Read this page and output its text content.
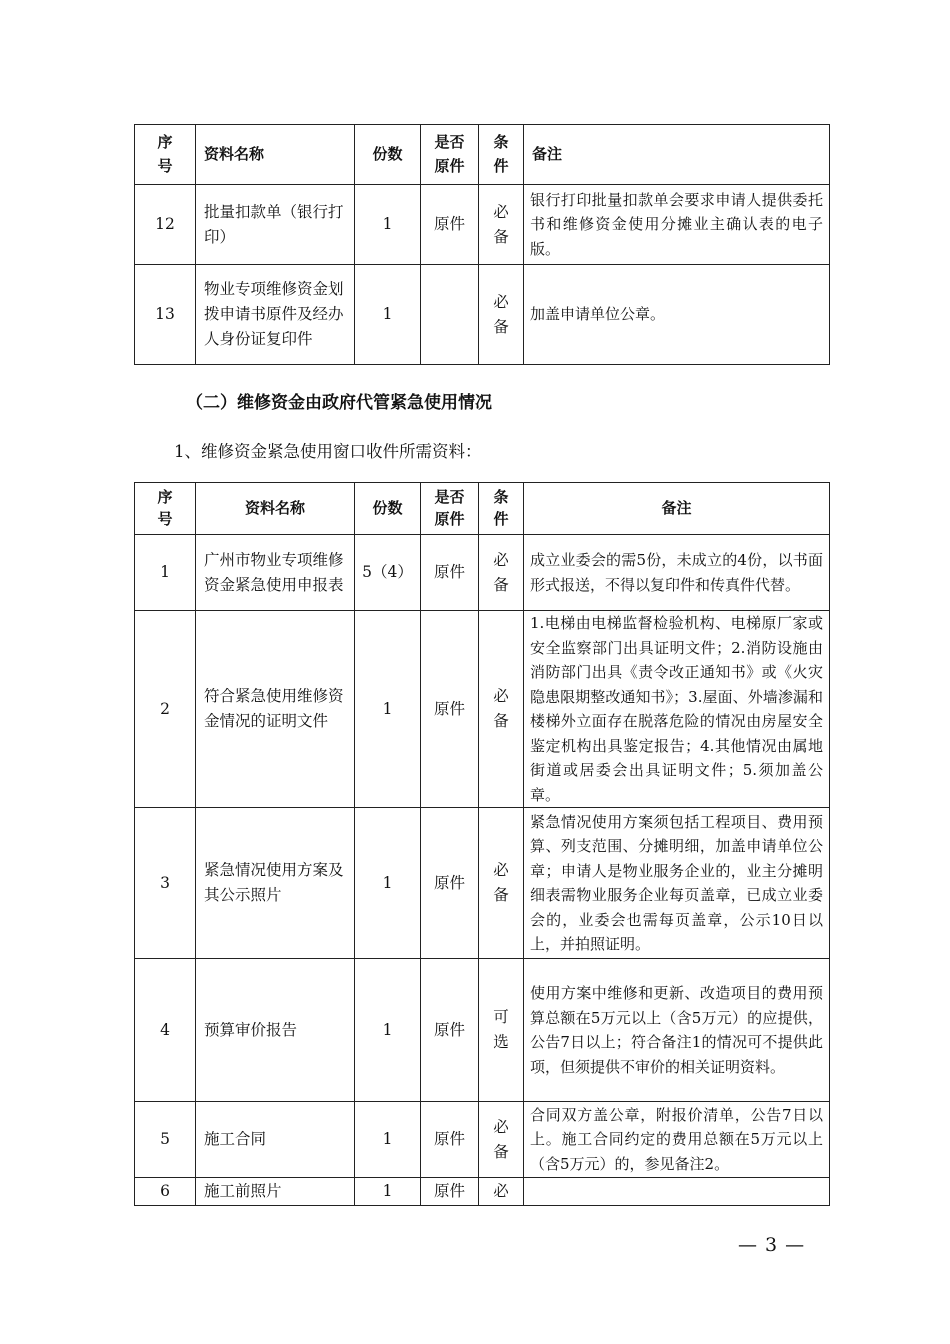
序号	资料名称	份数	是否原件	条件	备注
12	批量扣款单（银行打印）	1	原件	必备	银行打印批量扣款单会要求申请人提供委托书和维修资金使用分摊业主确认表的电子版。
13	物业专项维修资金划拨申请书原件及经办人身份证复印件	1		必备	加盖申请单位公章。
（二）维修资金由政府代管紧急使用情况
1、维修资金紧急使用窗口收件所需资料：
序号	资料名称	份数	是否原件	条件	备注
1	广州市物业专项维修资金紧急使用申报表	5（4）	原件	必备	成立业委会的需5份，未成立的4份，以书面形式报送，不得以复印件和传真件代替。
2	符合紧急使用维修资金情况的证明文件	1	原件	必备	1.电梯由电梯监督检验机构、电梯原厂家或安全监察部门出具证明文件；2.消防设施由消防部门出具《责令改正通知书》或《火灾隐患限期整改通知书》；3.屋面、外墙渗漏和楼梯外立面存在脱落危险的情况由房屋安全鉴定机构出具鉴定报告；4.其他情况由属地街道或居委会出具证明文件；5.须加盖公章。
3	紧急情况使用方案及其公示照片	1	原件	必备	紧急情况使用方案须包括工程项目、费用预算、列支范围、分摊明细，加盖申请单位公章；申请人是物业服务企业的，业主分摊明细表需物业服务企业每页盖章，已成立业委会的，业委会也需每页盖章，公示10日以上，并拍照证明。
4	预算审价报告	1	原件	可选	使用方案中维修和更新、改造项目的费用预算总额在5万元以上（含5万元）的应提供，公告7日以上；符合备注1的情况可不提供此项，但须提供不审价的相关证明资料。
5	施工合同	1	原件	必备	合同双方盖公章，附报价清单，公告7日以上。施工合同约定的费用总额在5万元以上（含5万元）的，参见备注2。
6	施工前照片	1	原件	必	
— 3 —
